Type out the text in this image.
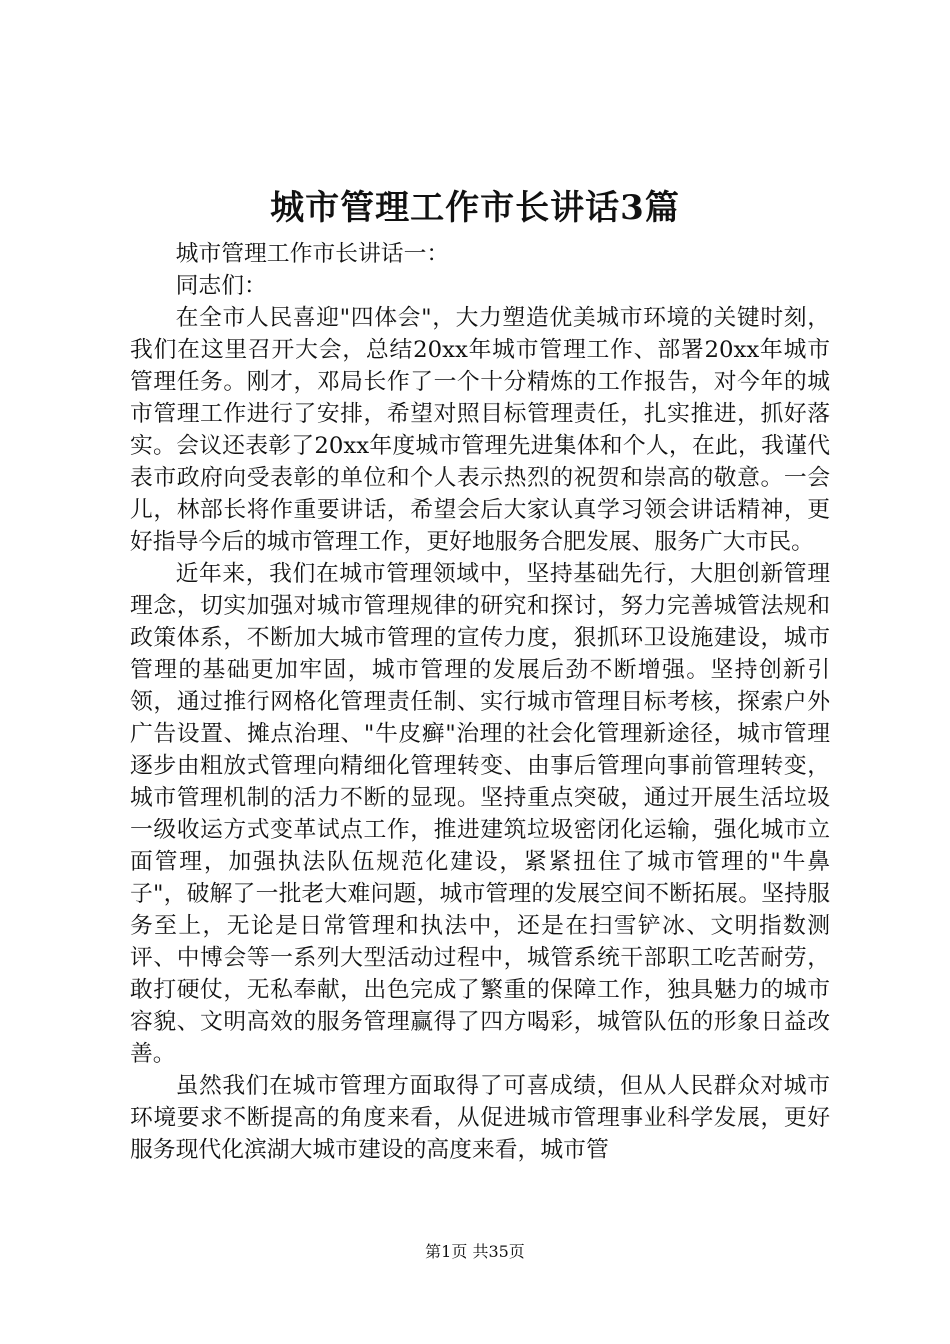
城市管理工作市长讲话3篇

城市管理工作市长讲话一：

同志们：

在全市人民喜迎"四体会"，大力塑造优美城市环境的关键时刻，我们在这里召开大会，总结20xx年城市管理工作、部署20xx年城市管理任务。刚才，邓局长作了一个十分精炼的工作报告，对今年的城市管理工作进行了安排，希望对照目标管理责任，扎实推进，抓好落实。会议还表彰了20xx年度城市管理先进集体和个人，在此，我谨代表市政府向受表彰的单位和个人表示热烈的祝贺和崇高的敬意。一会儿，林部长将作重要讲话，希望会后大家认真学习领会讲话精神，更好指导今后的城市管理工作，更好地服务合肥发展、服务广大市民。

近年来，我们在城市管理领域中，坚持基础先行，大胆创新管理理念，切实加强对城市管理规律的研究和探讨，努力完善城管法规和政策体系，不断加大城市管理的宣传力度，狠抓环卫设施建设，城市管理的基础更加牢固，城市管理的发展后劲不断增强。坚持创新引领，通过推行网格化管理责任制、实行城市管理目标考核，探索户外广告设置、摊点治理、"牛皮癣"治理的社会化管理新途径，城市管理逐步由粗放式管理向精细化管理转变、由事后管理向事前管理转变，城市管理机制的活力不断的显现。坚持重点突破，通过开展生活垃圾一级收运方式变革试点工作，推进建筑垃圾密闭化运输，强化城市立面管理，加强执法队伍规范化建设，紧紧扭住了城市管理的"牛鼻子"，破解了一批老大难问题，城市管理的发展空间不断拓展。坚持服务至上，无论是日常管理和执法中，还是在扫雪铲冰、文明指数测评、中博会等一系列大型活动过程中，城管系统干部职工吃苦耐劳，敢打硬仗，无私奉献，出色完成了繁重的保障工作，独具魅力的城市容貌、文明高效的服务管理赢得了四方喝彩，城管队伍的形象日益改善。

虽然我们在城市管理方面取得了可喜成绩，但从人民群众对城市环境要求不断提高的角度来看，从促进城市管理事业科学发展，更好服务现代化滨湖大城市建设的高度来看，城市管

第1页 共35页
